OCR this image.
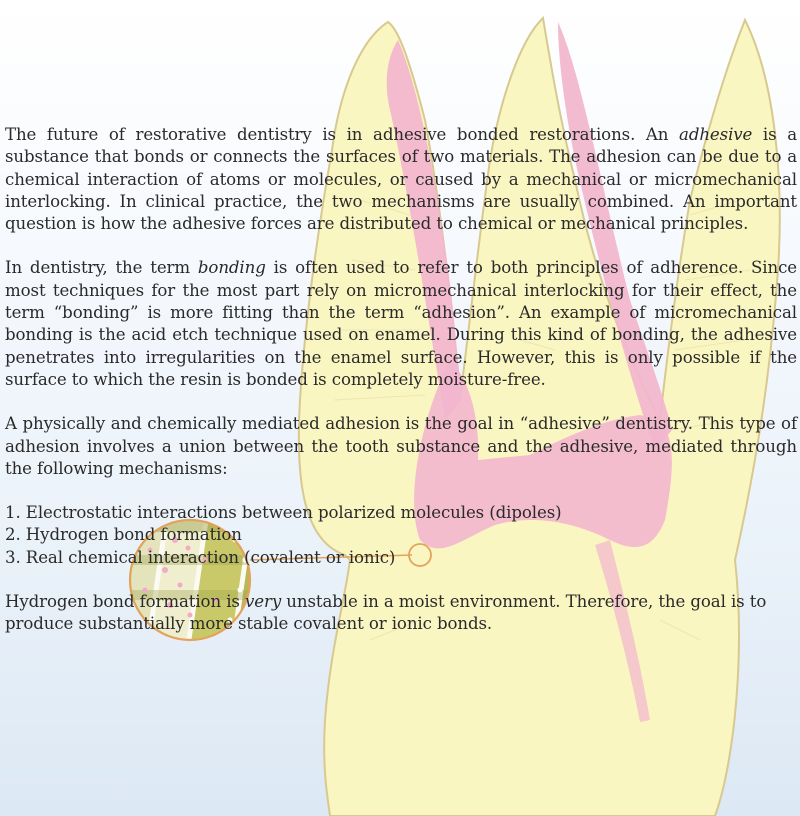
The future of restorative dentistry is in adhesive bonded restorations. An adhesive is a substance that bonds or connects the surfaces of two materials. The adhesion can be due to a chemical interaction of atoms or molecules, or caused by a mechanical or micromechanical interlocking. In clinical practice, the two mechanisms are usually combined. An important question is how the adhesive forces are distributed to chemical or mechanical principles.

In dentistry, the term bonding is often used to refer to both principles of adherence. Since most techniques for the most part rely on micromechanical interlocking for their effect, the term “bonding” is more fitting than the term “adhesion”. An example of micromechanical bonding is the acid etch technique used on enamel. During this kind of bonding, the adhesive penetrates into irregularities on the enamel surface. However, this is only possible if the surface to which the resin is bonded is completely moisture-free.

A physically and chemically mediated adhesion is the goal in “adhesive” dentistry. This type of adhesion involves a union between the tooth substance and the adhesive, mediated through the following mechanisms:

1. Electrostatic interactions between polarized molecules (dipoles)
2. Hydrogen bond formation
3. Real chemical interaction (covalent or ionic)

Hydrogen bond formation is very unstable in a moist environment. Therefore, the goal is to produce substantially more stable covalent or ionic bonds.
